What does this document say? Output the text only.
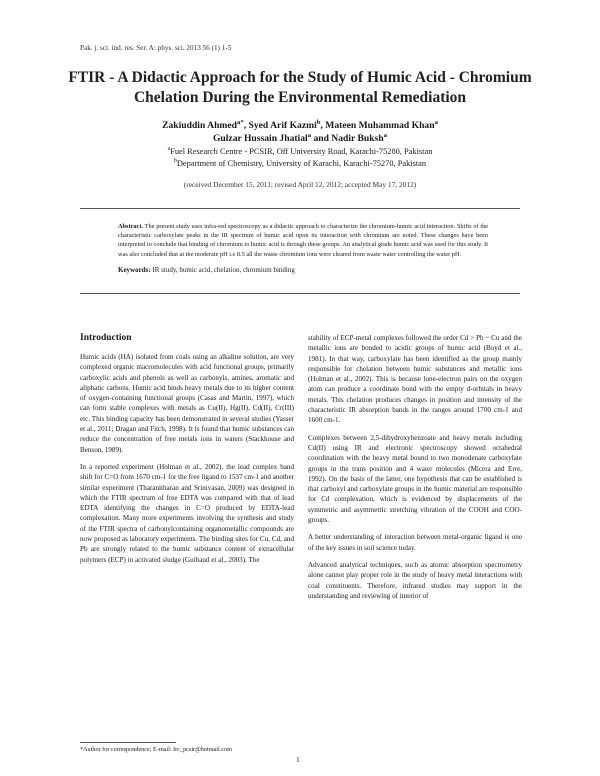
Pak. j. sci. ind. res. Ser. A: phys. sci. 2013 56 (1) 1-5
FTIR - A Didactic Approach for the Study of Humic Acid - Chromium Chelation During the Environmental Remediation
Zakiuddin Ahmed$^{a*}$, Syed Arif Kazmi$^b$, Mateen Muhammad Khan$^a$
Gulzar Hussain Jhatial$^a$ and Nadir Buksh$^a$
$^a$Fuel Research Centre - PCSIR, Off University Road, Karachi-75280, Pakistan
$^b$Department of Chemistry, University of Karachi, Karachi-75270, Pakistan
(received December 15, 2011; revised April 12, 2012; accepted May 17, 2012)
Abstract. The present study uses infra-red spectroscopy as a didactic approach to characterize the chromium-humic acid interaction. Shifts of the characteristic carboxylate peaks in the IR spectrum of humic acid upon its interaction with chromium are noted. These changes have been interpreted to conclude that binding of chromium to humic acid is through these groups. An analytical grade humic acid was used for this study. It was also concluded that at the moderate pH i.e 8.5 all the waste chromium ions were cleared from waste water controlling the water pH.
Keywords: IR study, humic acid, chelation, chromium binding
Introduction

Humic acids (HA) isolated from coals using an alkaline solution, are very complexed organic macromolecules with acid functional groups, primarily carboxylic acids and phenols as well as carbonyls, amines, aromatic and aliphatic carbons. Humic acid binds heavy metals due to its higher content of oxygen-containing functional groups (Casas and Martin, 1997), which can form stable complexes with metals as Cu(II), Hg(II), Cd(II), Cr(III) etc. This binding capacity has been demonstrated in several studies (Yasser et al., 2011; Dragan and Fitch, 1998). It is found that humic substances can reduce the concentration of free metals ions in waters (Stackhouse and Benson, 1989).

In a reported experiment (Holman et al., 2002), the lead complex band shift for C=O from 1670 cm-1 for the free ligand to 1537 cm-1 and another similar experiment (Tharanitharan and Srinivasan, 2009) was designed in which the FTIR spectrum of free EDTA was compared with that of lead EDTA identifying the changes in C=O produced by EDTA-lead complexation. Many more experiments involving the synthesis and study of the FTIR spectra of carbonylcontaining organometallic compounds are now proposed as laboratory experiments. The binding sites for Cu, Cd, and Pb are strongly related to the humic substance content of extracellular polymers (ECP) in activated sludge (Guibaud et al., 2003). The

stability of ECP-metal complexes followed the order Cd > Pb ~ Cu and the metallic ions are bonded to acidic groups of humic acid (Boyd et al., 1981). In that way, carboxylate has been identified as the group mainly responsible for chelation between humic substances and metallic ions (Holman et al., 2002). This is because lone-electron pairs on the oxygen atom can produce a coordinate bond with the empty d-orbitals in heavy metals. This chelation produces changes in position and intensity of the characteristic IR absorption bands in the ranges around 1700 cm-1 and 1600 cm-1.

Complexes between 2,5-dihydroxybenzoate and heavy metals including Cd(II) using IR and electronic spectroscopy showed octahedral coordination with the heavy metal bound to two monodenate carboxylate groups in the trans position and 4 water molecules (Micera and Erre, 1992). On the basis of the latter, one hypothesis that can be established is that carboxyl and carboxylate groups in the humic material are responsible for Cd complexation, which is evidenced by displacements of the symmetric and asymmetric stretching vibration of the COOH and COO- groups.

A better understanding of interaction between metal-organic ligand is one of the key issues in soil science today.

Advanced analytical techniques, such as atomic absorption spectrometry alone cannot play proper role in the study of heavy metal interactions with coal constituents. Therefore, infrared studies may support in the understanding and reviewing of interior of

*Author for correspondence; E-mail: frc_pcsir@hotmail.com
1
